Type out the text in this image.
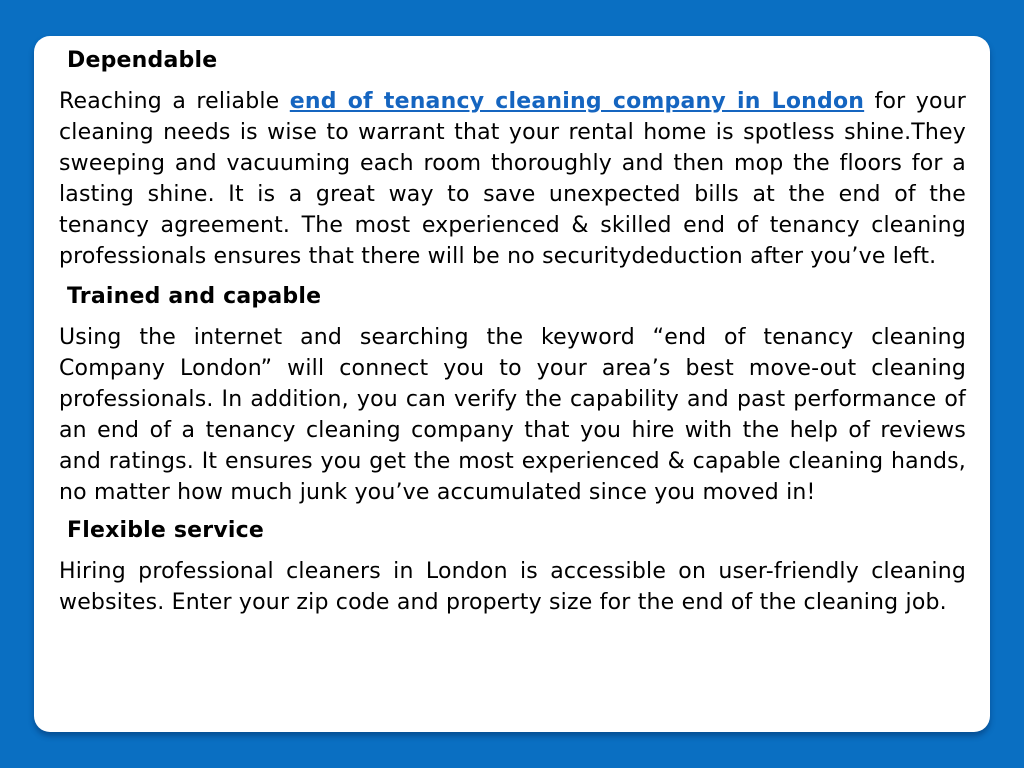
Dependable

Reaching a reliable end of tenancy cleaning company in London for your cleaning needs is wise to warrant that your rental home is spotless shine.They sweeping and vacuuming each room thoroughly and then mop the floors for a lasting shine. It is a great way to save unexpected bills at the end of the tenancy agreement. The most experienced & skilled end of tenancy cleaning professionals ensures that there will be no securitydeduction after you’ve left.

Trained and capable

Using the internet and searching the keyword “end of tenancy cleaning Company London” will connect you to your area’s best move-out cleaning professionals. In addition, you can verify the capability and past performance of an end of a tenancy cleaning company that you hire with the help of reviews and ratings. It ensures you get the most experienced & capable cleaning hands, no matter how much junk you’ve accumulated since you moved in!

Flexible service

Hiring professional cleaners in London is accessible on user-friendly cleaning websites. Enter your zip code and property size for the end of the cleaning job.
